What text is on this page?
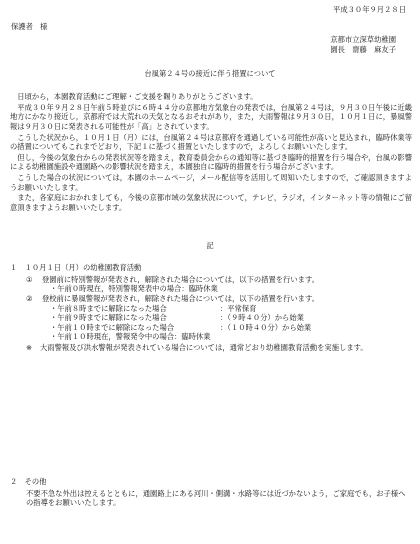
平成３０年９月２８日
保護者　様
京都市立深草幼稚園
園長　齋藤　麻友子
台風第２４号の接近に伴う措置について

日頃から，本園教育活動にご理解・ご支援を賜りありがとうございます。

平成３０年９月２８日午前５時並びに６時４４分の京都地方気象台の発表では，台風第２４号は，９月３０日午後に近畿地方にかなり接近し，京都府では大荒れの天気となるおそれがあり，また，大雨警報は９月３０日，１０月１日に，暴風警報は９月３０日に発表される可能性が「高」とされています。

こうした状況から，１０月１日（月）には，台風第２４号は京都府を通過している可能性が高いと見込まれ，臨時休業等の措置についてもこれまでどおり，下記１に基づく措置といたしますので，よろしくお願いいたします。

但し，今後の気象台からの発表状況等を踏まえ，教育委員会からの通知等に基づき臨時的措置を行う場合や，台風の影響による幼稚園施設や通園路への影響状況を踏まえ，本園独自に臨時的措置を行う場合がございます。

こうした場合の状況については，本園のホームページ，メール配信等を活用して周知いたしますので，ご確認頂きますようお願いいたします。

また，各家庭におかれましても，今後の京都市域の気象状況について，テレビ，ラジオ，インターネット等の情報にご留意頂きますようお願いいたします。

記
１　１０月１日（月）の幼稚園教育活動
①	登園前に特別警報が発表され，解除された場合については，以下の措置を行います。
・午前０時現在，特別警報発表中の場合：臨時休業
②	登校前に暴風警報が発表され，解除された場合については，以下の措置を行います。
・午前８時までに解除になった場合	：平常保育
・午前９時までに解除になった場合	：（９時４０分）から始業
・午前１０時までに解除になった場合	：（１０時４０分）から始業
・午前１０時現在，警報発令中の場合：臨時休業
※	大雨警報及び洪水警報が発表されている場合については，通常どおり幼稚園教育活動を実施します。
２　その他
不要不急な外出は控えるとともに，通園路上にある河川・側溝・水路等には近づかないよう，ご家庭でも，お子様への指導をお願いいたします。
